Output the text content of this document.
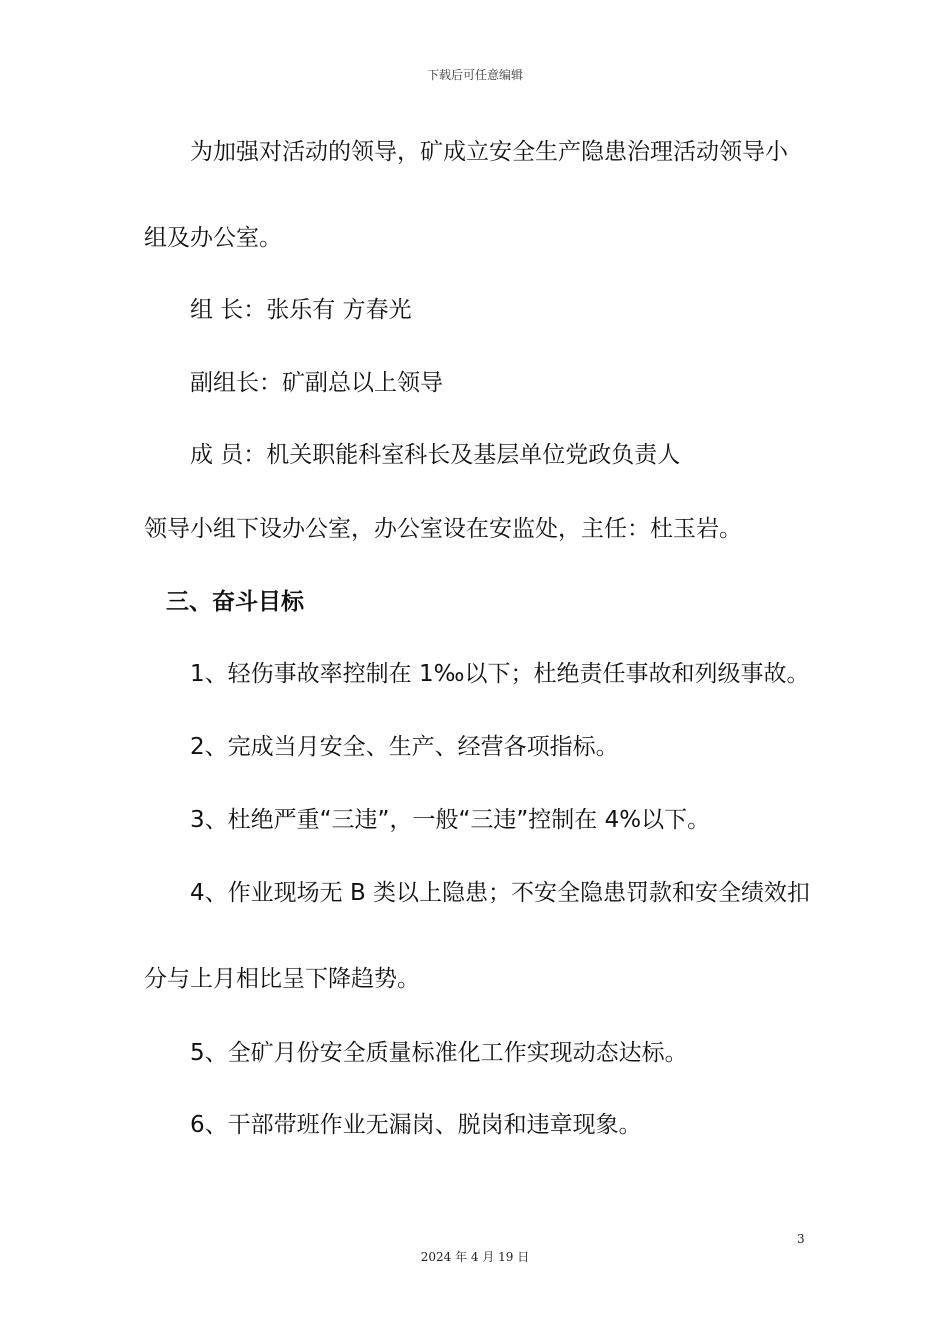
下载后可任意编辑
为加强对活动的领导，矿成立安全生产隐患治理活动领导小
组及办公室。
组 长：张乐有 方春光
副组长：矿副总以上领导
成 员：机关职能科室科长及基层单位党政负责人
领导小组下设办公室，办公室设在安监处，主任：杜玉岩。
三、奋斗目标
1、轻伤事故率控制在 1‰以下；杜绝责任事故和列级事故。
2、完成当月安全、生产、经营各项指标。
3、杜绝严重“三违”，一般“三违”控制在 4%以下。
4、作业现场无 B 类以上隐患；不安全隐患罚款和安全绩效扣
分与上月相比呈下降趋势。
5、全矿月份安全质量标准化工作实现动态达标。
6、干部带班作业无漏岗、脱岗和违章现象。
3
2024 年 4 月 19 日
